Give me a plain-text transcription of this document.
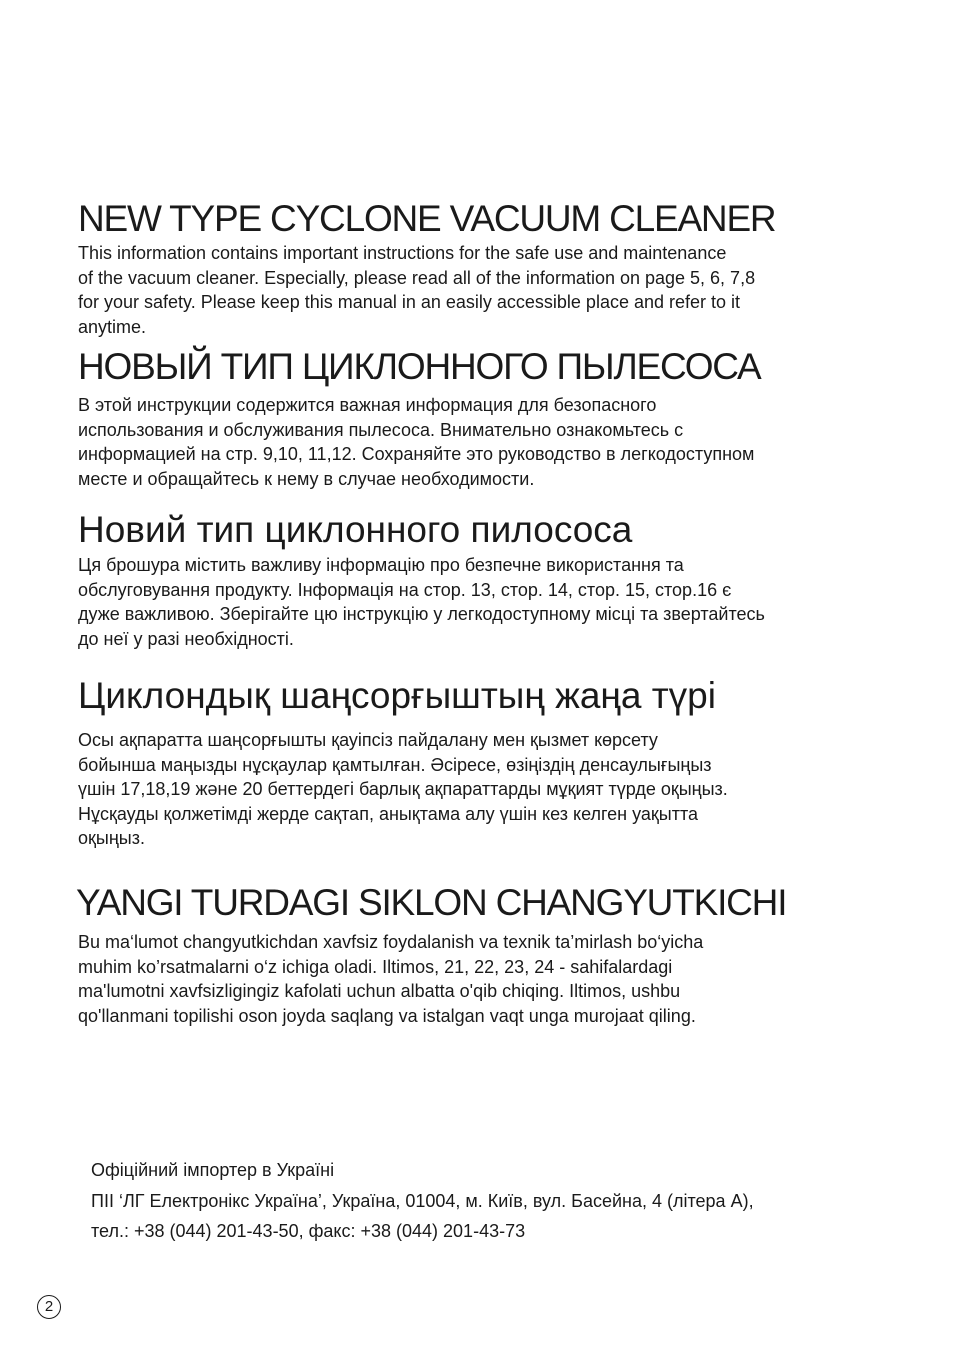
NEW TYPE CYCLONE VACUUM CLEANER

This information contains important instructions for the safe use and maintenance
of the vacuum cleaner. Especially, please read all of the information on page 5, 6, 7,8
for your safety. Please keep this manual in an easily accessible place and refer to it
anytime.

НОВЫЙ ТИП ЦИКЛОННОГО ПЫЛЕСОСА

В этой инструкции содержится важная информация для безопасного
использования и обслуживания пылесоса. Внимательно ознакомьтесь с
информацией на стр. 9,10, 11,12. Сохраняйте это руководство в легкодоступном
месте и обращайтесь к нему в случае необходимости.

Новий тип циклонного пилососа

Ця брошура містить важливу інформацію про безпечне використання та
обслуговування продукту. Інформація на стор. 13, стор. 14, стор. 15, стор.16 є
дуже важливою. Зберігайте цю інструкцію у легкодоступному місці та звертайтесь
до неї у разі необхідності.

Циклондық шаңсорғыштың жаңа түрі

Осы ақпаратта шаңсорғышты қауіпсіз пайдалану мен қызмет көрсету
бойынша маңызды нұсқаулар қамтылған. Әсіресе, өзіңіздің денсаулығыңыз
үшін 17,18,19 және 20 беттердегі барлық ақпараттарды мұқият түрде оқыңыз.
Нұсқауды қолжетімді жерде сақтап, анықтама алу үшін кез келген уақытта
оқыңыз.

YANGI TURDAGI SIKLON CHANGYUTKICHI

Bu ma‘lumot changyutkichdan xavfsiz foydalanish va texnik ta’mirlash bo‘yicha
muhim ko’rsatmalarni o‘z ichiga oladi. Iltimos, 21, 22, 23, 24 - sahifalardagi
ma'lumotni xavfsizligingiz kafolati uchun albatta o'qib chiqing. Iltimos, ushbu
qo'llanmani topilishi oson joyda saqlang va istalgan vaqt unga murojaat qiling.

Офіційний імпортер в Україні
ПІІ ‘ЛГ Електронікс Україна’, Україна, 01004, м. Київ, вул. Басейна, 4 (літера А),
тел.: +38 (044) 201-43-50, факс: +38 (044) 201-43-73
2
